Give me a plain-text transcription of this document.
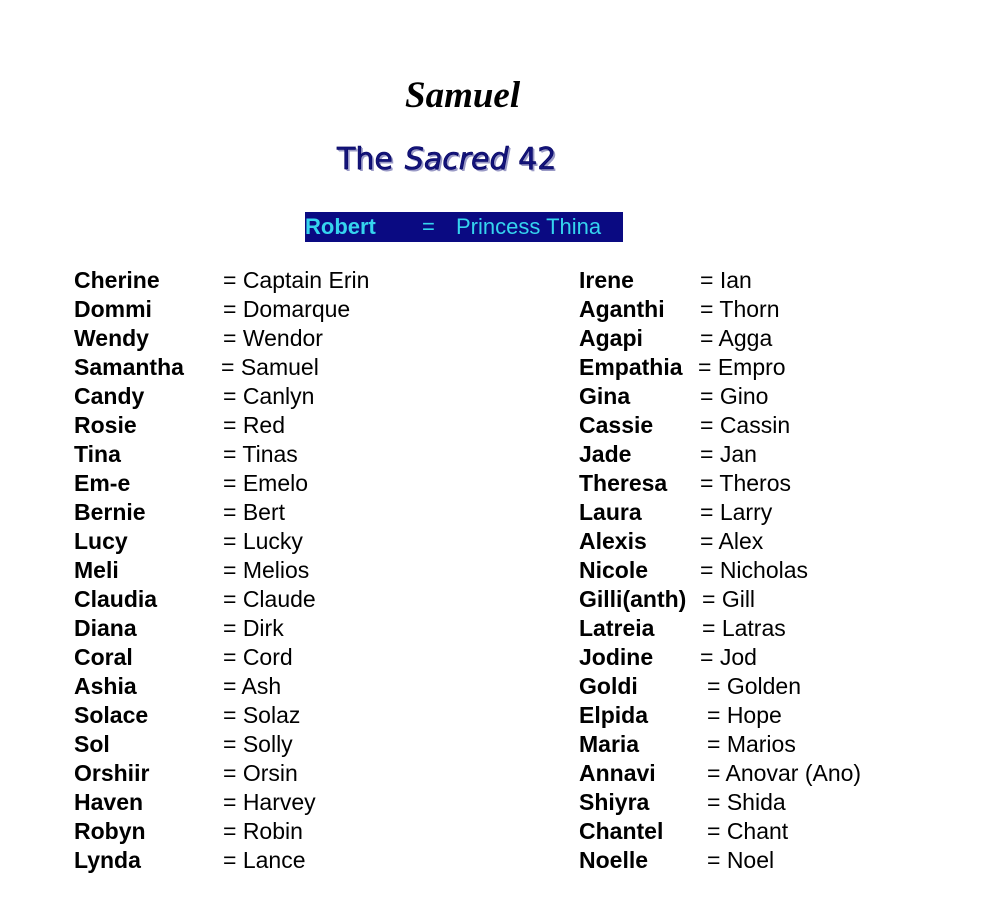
Samuel
The Sacred 42
Robert = Princess Thina
Cherine	= Captain Erin
Dommi	= Domarque
Wendy	= Wendor
Samantha = Samuel
Candy	= Canlyn
Rosie	= Red
Tina	= Tinas
Em-e	= Emelo
Bernie	= Bert
Lucy	= Lucky
Meli	= Melios
Claudia	= Claude
Diana	= Dirk
Coral	= Cord
Ashia	= Ash
Solace	= Solaz
Sol	= Solly
Orshiir	= Orsin
Haven	= Harvey
Robyn	= Robin
Lynda	= Lance
Irene	= Ian
Aganthi = Thorn
Agapi = Agga
Empathia = Empro
Gina	= Gino
Cassie = Cassin
Jade	= Jan
Theresa = Theros
Laura	= Larry
Alexis = Alex
Nicole = Nicholas
Gilli(anth) = Gill
Latreia = Latras
Jodine = Jod
Goldi	= Golden
Elpida	= Hope
Maria	= Marios
Annavi = Anovar (Ano)
Shiyra	= Shida
Chantel = Chant
Noelle	= Noel
